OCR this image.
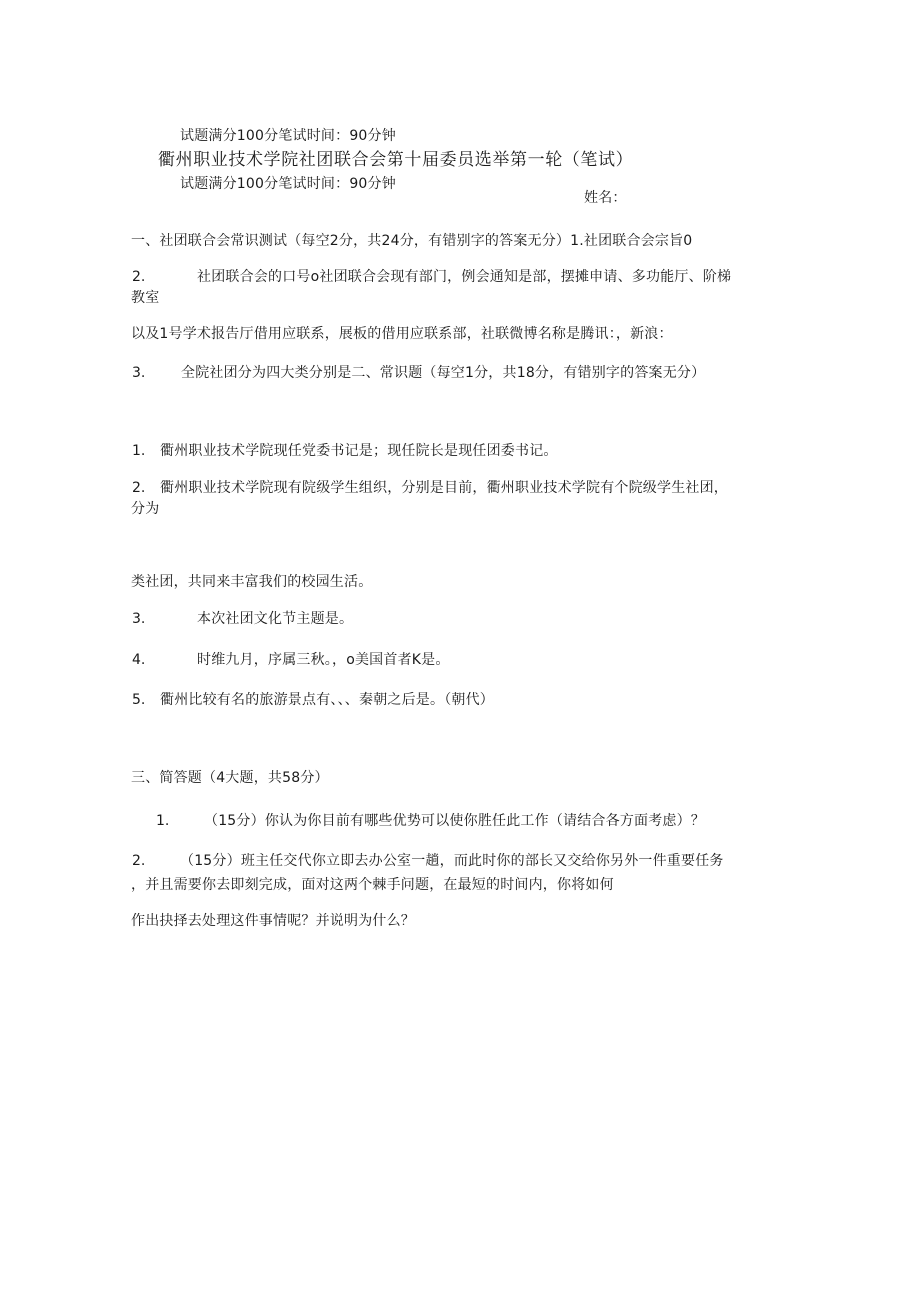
试题满分100分笔试时间：90分钟
衢州职业技术学院社团联合会第十届委员选举第一轮（笔试）
试题满分100分笔试时间：90分钟
姓名：
一、社团联合会常识测试（每空2分，共24分，有错别字的答案无分）1.社团联合会宗旨0
2.	社团联合会的口号o社团联合会现有部门，例会通知是部，摆摊申请、多功能厅、阶梯
教室
以及1号学术报告厅借用应联系，展板的借用应联系部，社联微博名称是腾讯：，新浪：
3.	全院社团分为四大类分别是二、常识题（每空1分，共18分，有错别字的答案无分）
1. 衢州职业技术学院现任党委书记是；现任院长是现任团委书记。
2. 衢州职业技术学院现有院级学生组织，分别是目前，衢州职业技术学院有个院级学生社团，
分为
类社团，共同来丰富我们的校园生活。
3.	本次社团文化节主题是。
4.	时维九月，序属三秋。，o美国首者K是。
5. 衢州比较有名的旅游景点有、、、秦朝之后是。（朝代）
三、简答题（4大题，共58分）
1. （15分）你认为你目前有哪些优势可以使你胜任此工作（请结合各方面考虑）？
2. （15分）班主任交代你立即去办公室一趟，而此时你的部长又交给你另外一件重要任务
，并且需要你去即刻完成，面对这两个棘手问题，在最短的时间内，你将如何
作出抉择去处理这件事情呢？并说明为什么？
